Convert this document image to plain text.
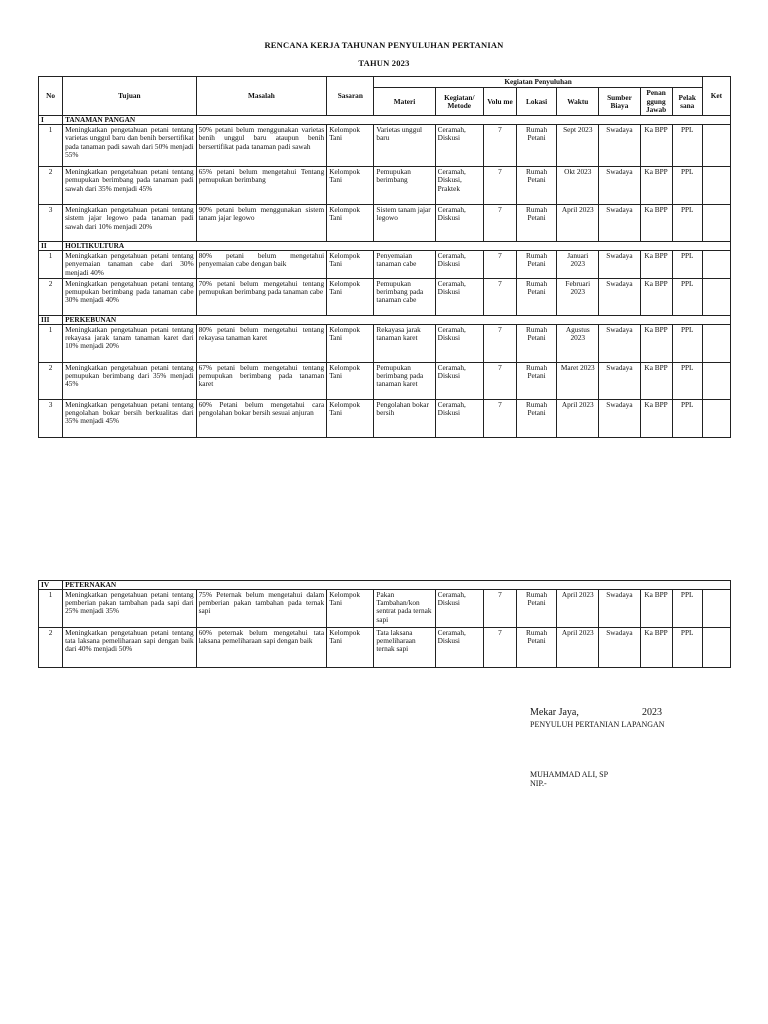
RENCANA KERJA TAHUNAN PENYULUHAN PERTANIAN
TAHUN 2023
No	Tujuan	Masalah	Sasaran	Kegiatan Penyuluhan								Ket
				Materi	Kegiatan/ Metode	Volu me	Lokasi	Waktu	Sumber Biaya	Penan ggung Jawab	Pelak sana	
I	TANAMAN PANGAN											
1	Meningkatkan pengetahuan petani tentang varietas unggul baru dan benih bersertifikat pada tanaman padi sawah dari 50% menjadi 55%	50% petani belum menggunakan varietas benih unggul baru ataupun benih bersertifikat pada tanaman padi sawah	Kelompok Tani	Varietas unggul baru	Ceramah, Diskusi	7	Rumah Petani	Sept 2023	Swadaya	Ka BPP	PPL	
2	Meningkatkan pengetahuan petani tentang pemupukan berimbang pada tanaman padi sawah dari 35% menjadi 45%	65% petani belum mengetahui Tentang pemupukan berimbang	Kelompok Tani	Pemupukan berimbang	Ceramah, Diskusi, Praktek	7	Rumah Petani	Okt 2023	Swadaya	Ka BPP	PPL	
3	Meningkatkan pengetahuan petani tentang sistem jajar legowo pada tanaman padi sawah dari 10% menjadi 20%	90% petani belum menggunakan sistem tanam jajar legowo	Kelompok Tani	Sistem tanam jajar legowo	Ceramah, Diskusi	7	Rumah Petani	April 2023	Swadaya	Ka BPP	PPL	
II	HOLTIKULTURA											
1	Meningkatkan pengetahuan petani tentang penyemaian tanaman cabe dari 30% menjadi 40%	80% petani belum mengetahui penyemaian cabe dengan baik	Kelompok Tani	Penyemaian tanaman cabe	Ceramah, Diskusi	7	Rumah Petani	Januari 2023	Swadaya	Ka BPP	PPL	
2	Meningkatkan pengetahuan petani tentang pemupukan berimbang pada tanaman cabe 30% menjadi 40%	70% petani belum mengetahui tentang pemupukan berimbang pada tanaman cabe	Kelompok Tani	Pemupukan berimbang pada tanaman cabe	Ceramah, Diskusi	7	Rumah Petani	Februari 2023	Swadaya	Ka BPP	PPL	
III	PERKEBUNAN											
1	Meningkatkan pengetahuan petani tentang rekayasa jarak tanam tanaman karet dari 10% menjadi 20%	80% petani belum mengetahui tentang rekayasa tanaman karet	Kelompok Tani	Rekayasa jarak tanaman karet	Ceramah, Diskusi	7	Rumah Petani	Agustus 2023	Swadaya	Ka BPP	PPL	
2	Meningkatkan pengetahuan petani tentang pemupukan berimbang dari 35% menjadi 45%	67% petani belum mengetahui tentang pemupukan berimbang pada tanaman karet	Kelompok Tani	Pemupukan berimbang pada tanaman karet	Ceramah, Diskusi	7	Rumah Petani	Maret 2023	Swadaya	Ka BPP	PPL	
3	Meningkatkan pengetahuan petani tentang pengolahan bokar bersih berkualitas dari 35% menjadi 45%	60% Petani belum mengetahui cara pengolahan bokar bersih sesuai anjuran	Kelompok Tani	Pengolahan bokar bersih	Ceramah, Diskusi	7	Rumah Petani	April 2023	Swadaya	Ka BPP	PPL	
IV	PETERNAKAN											
1	Meningkatkan pengetahuan petani tentang pemberian pakan tambahan pada sapi dari 25% menjadi 35%	75% Peternak belum mengetahui dalam pemberian pakan tambahan pada ternak sapi	Kelompok Tani	Pakan Tambahan/kon sentrat pada ternak sapi	Ceramah, Diskusi	7	Rumah Petani	April 2023	Swadaya	Ka BPP	PPL	
2	Meningkatkan pengetahuan petani tentang tata laksana pemeliharaan sapi dengan baik dari 40% menjadi 50%	60% peternak belum mengetahui tata laksana pemeliharaan sapi dengan baik	Kelompok Tani	Tata laksana pemeliharaan ternak sapi	Ceramah, Diskusi	7	Rumah Petani	April 2023	Swadaya	Ka BPP	PPL	
Mekar Jaya,	2023
PENYULUH PERTANIAN LAPANGAN
MUHAMMAD ALI, SP
NIP.-
